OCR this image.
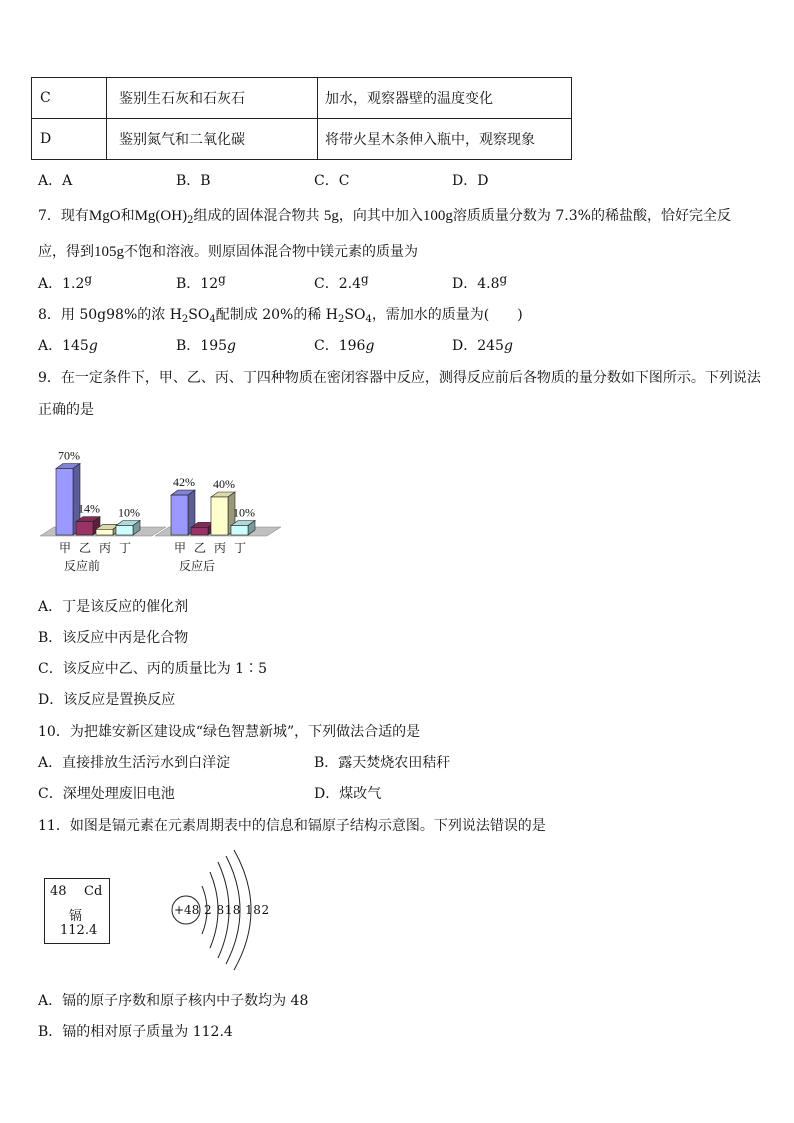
C	鉴别生石灰和石灰石	加水，观察器壁的温度变化
D	鉴别氮气和二氧化碳	将带火星木条伸入瓶中，观察现象
A．A	B．B	C．C	D．D
7．现有MgO和$Mg(OH)_2$组成的固体混合物共 5g，向其中加入100g溶质质量分数为 7.3%的稀盐酸，恰好完全反
应，得到105g不饱和溶液。则原固体混合物中镁元素的质量为
A．1.2g	B．12g	C．2.4g	D．4.8g
8．用 50g98%的浓 $H_2SO_4$配制成 20%的稀 $H_2SO_4$，需加水的质量为(　　)
A．145g	B．195g	C．196g	D．245g
9．在一定条件下，甲、乙、丙、丁四种物质在密闭容器中反应，测得反应前后各物质的量分数如下图所示。下列说法
正确的是
70%
甲
14%
乙 丙
10%
丁
反应前
42%
甲 乙
40%
丙
10%
丁
反应后
A．丁是该反应的催化剂
B．该反应中丙是化合物
C．该反应中乙、丙的质量比为 1∶5
D．该反应是置换反应
10．为把雄安新区建设成“绿色智慧新城”，下列做法合适的是
A．直接排放生活污水到白洋淀	B．露天焚烧农田秸秆
C．深埋处理废旧电池	D．煤改气
11．如图是镉元素在元素周期表中的信息和镉原子结构示意图。下列说法错误的是
48 Cd
镉
112.4
+48 2 818 182
A．镉的原子序数和原子核内中子数均为 48
B．镉的相对原子质量为 112.4
